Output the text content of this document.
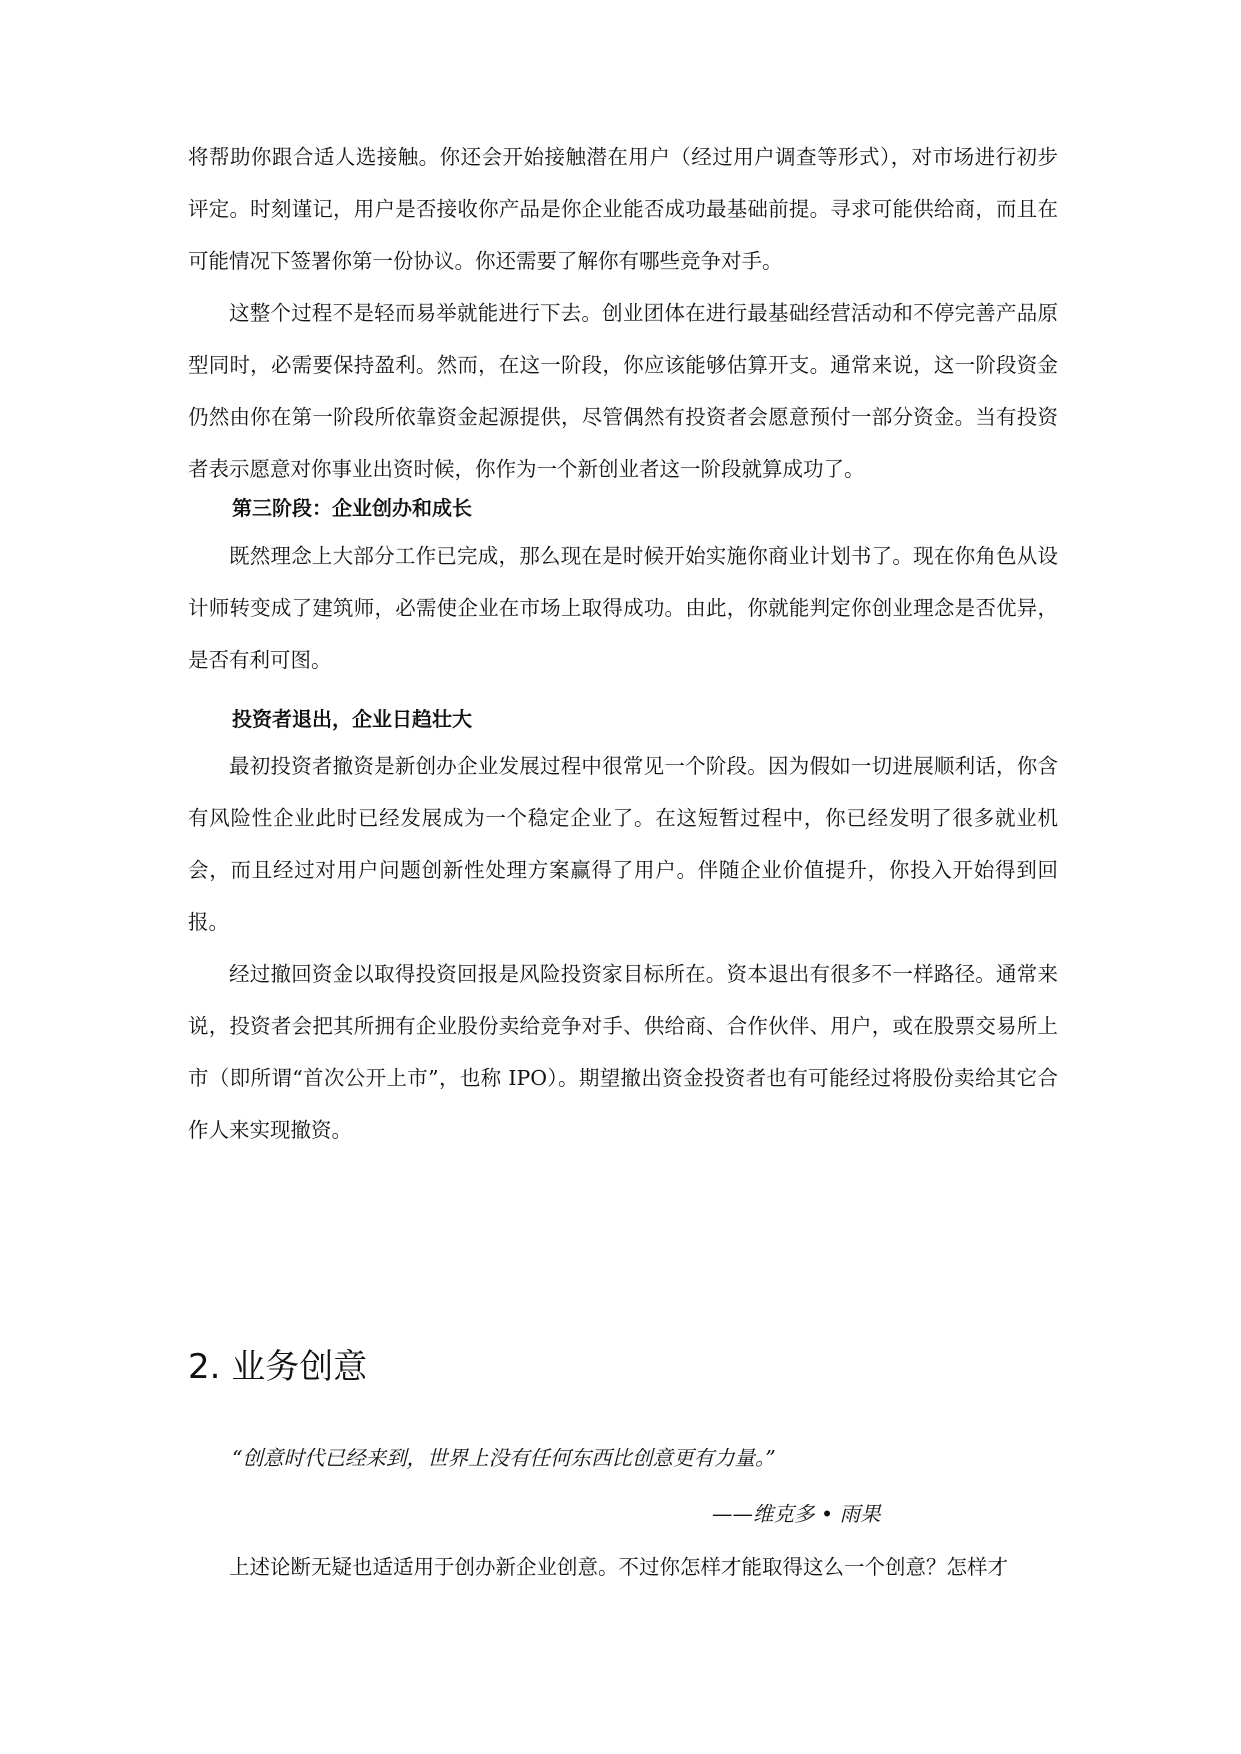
将帮助你跟合适人选接触。你还会开始接触潜在用户（经过用户调查等形式），对市场进行初步评定。时刻谨记，用户是否接收你产品是你企业能否成功最基础前提。寻求可能供给商，而且在可能情况下签署你第一份协议。你还需要了解你有哪些竞争对手。

这整个过程不是轻而易举就能进行下去。创业团体在进行最基础经营活动和不停完善产品原型同时，必需要保持盈利。然而，在这一阶段，你应该能够估算开支。通常来说，这一阶段资金仍然由你在第一阶段所依靠资金起源提供，尽管偶然有投资者会愿意预付一部分资金。当有投资者表示愿意对你事业出资时候，你作为一个新创业者这一阶段就算成功了。

第三阶段：企业创办和成长

既然理念上大部分工作已完成，那么现在是时候开始实施你商业计划书了。现在你角色从设计师转变成了建筑师，必需使企业在市场上取得成功。由此，你就能判定你创业理念是否优异，是否有利可图。

投资者退出，企业日趋壮大

最初投资者撤资是新创办企业发展过程中很常见一个阶段。因为假如一切进展顺利话，你含有风险性企业此时已经发展成为一个稳定企业了。在这短暂过程中，你已经发明了很多就业机会，而且经过对用户问题创新性处理方案赢得了用户。伴随企业价值提升，你投入开始得到回报。

经过撤回资金以取得投资回报是风险投资家目标所在。资本退出有很多不一样路径。通常来说，投资者会把其所拥有企业股份卖给竞争对手、供给商、合作伙伴、用户，或在股票交易所上市（即所谓“首次公开上市”，也称 IPO）。期望撤出资金投资者也有可能经过将股份卖给其它合作人来实现撤资。

2. 业务创意

“创意时代已经来到，世界上没有任何东西比创意更有力量。”

——维克多 • 雨果

上述论断无疑也适适用于创办新企业创意。不过你怎样才能取得这么一个创意？怎样才
